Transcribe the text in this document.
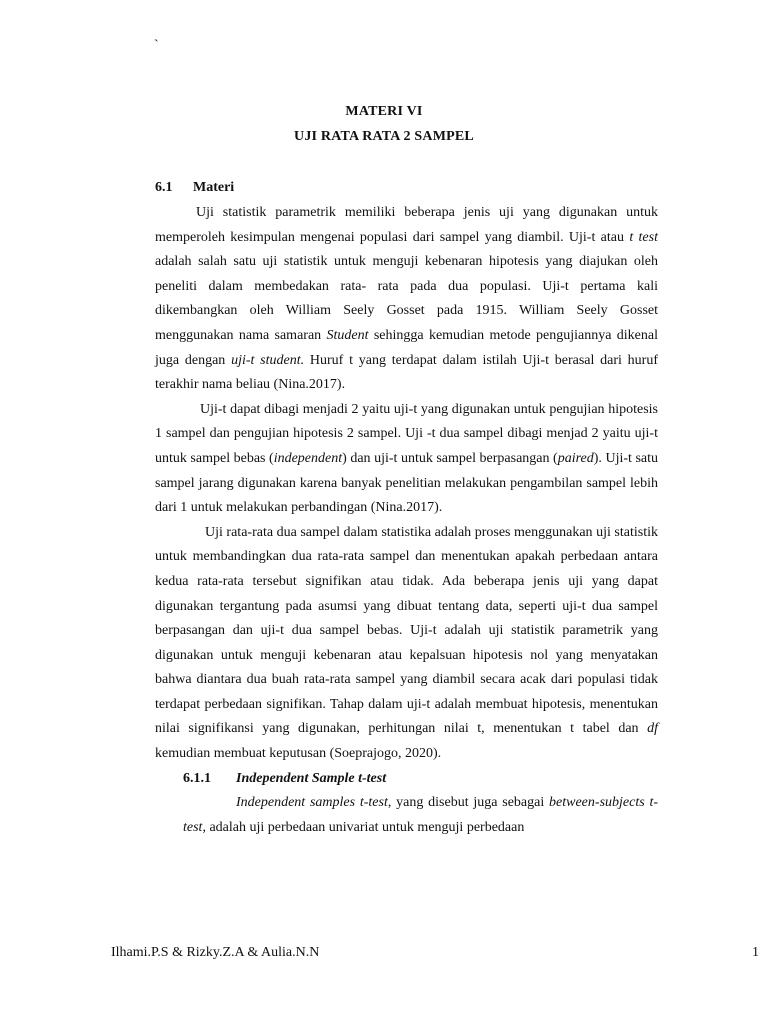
`
MATERI VI
UJI RATA RATA 2 SAMPEL
6.1 Materi

Uji statistik parametrik memiliki beberapa jenis uji yang digunakan untuk memperoleh kesimpulan mengenai populasi dari sampel yang diambil. Uji-t atau t test adalah salah satu uji statistik untuk menguji kebenaran hipotesis yang diajukan oleh peneliti dalam membedakan rata- rata pada dua populasi. Uji-t pertama kali dikembangkan oleh William Seely Gosset pada 1915. William Seely Gosset menggunakan nama samaran Student sehingga kemudian metode pengujiannya dikenal juga dengan uji-t student. Huruf t yang terdapat dalam istilah Uji-t berasal dari huruf terakhir nama beliau (Nina.2017).

Uji-t dapat dibagi menjadi 2 yaitu uji-t yang digunakan untuk pengujian hipotesis 1 sampel dan pengujian hipotesis 2 sampel. Uji -t dua sampel dibagi menjad 2 yaitu uji-t untuk sampel bebas (independent) dan uji-t untuk sampel berpasangan (paired). Uji-t satu sampel jarang digunakan karena banyak penelitian melakukan pengambilan sampel lebih dari 1 untuk melakukan perbandingan (Nina.2017).

Uji rata-rata dua sampel dalam statistika adalah proses menggunakan uji statistik untuk membandingkan dua rata-rata sampel dan menentukan apakah perbedaan antara kedua rata-rata tersebut signifikan atau tidak. Ada beberapa jenis uji yang dapat digunakan tergantung pada asumsi yang dibuat tentang data, seperti uji-t dua sampel berpasangan dan uji-t dua sampel bebas. Uji-t adalah uji statistik parametrik yang digunakan untuk menguji kebenaran atau kepalsuan hipotesis nol yang menyatakan bahwa diantara dua buah rata-rata sampel yang diambil secara acak dari populasi tidak terdapat perbedaan signifikan. Tahap dalam uji-t adalah membuat hipotesis, menentukan nilai signifikansi yang digunakan, perhitungan nilai t, menentukan t tabel dan df kemudian membuat keputusan (Soeprajogo, 2020).

6.1.1 Independent Sample t-test

Independent samples t-test, yang disebut juga sebagai between-subjects t-test, adalah uji perbedaan univariat untuk menguji perbedaan

Ilhami.P.S & Rizky.Z.A & Aulia.N.N	1
